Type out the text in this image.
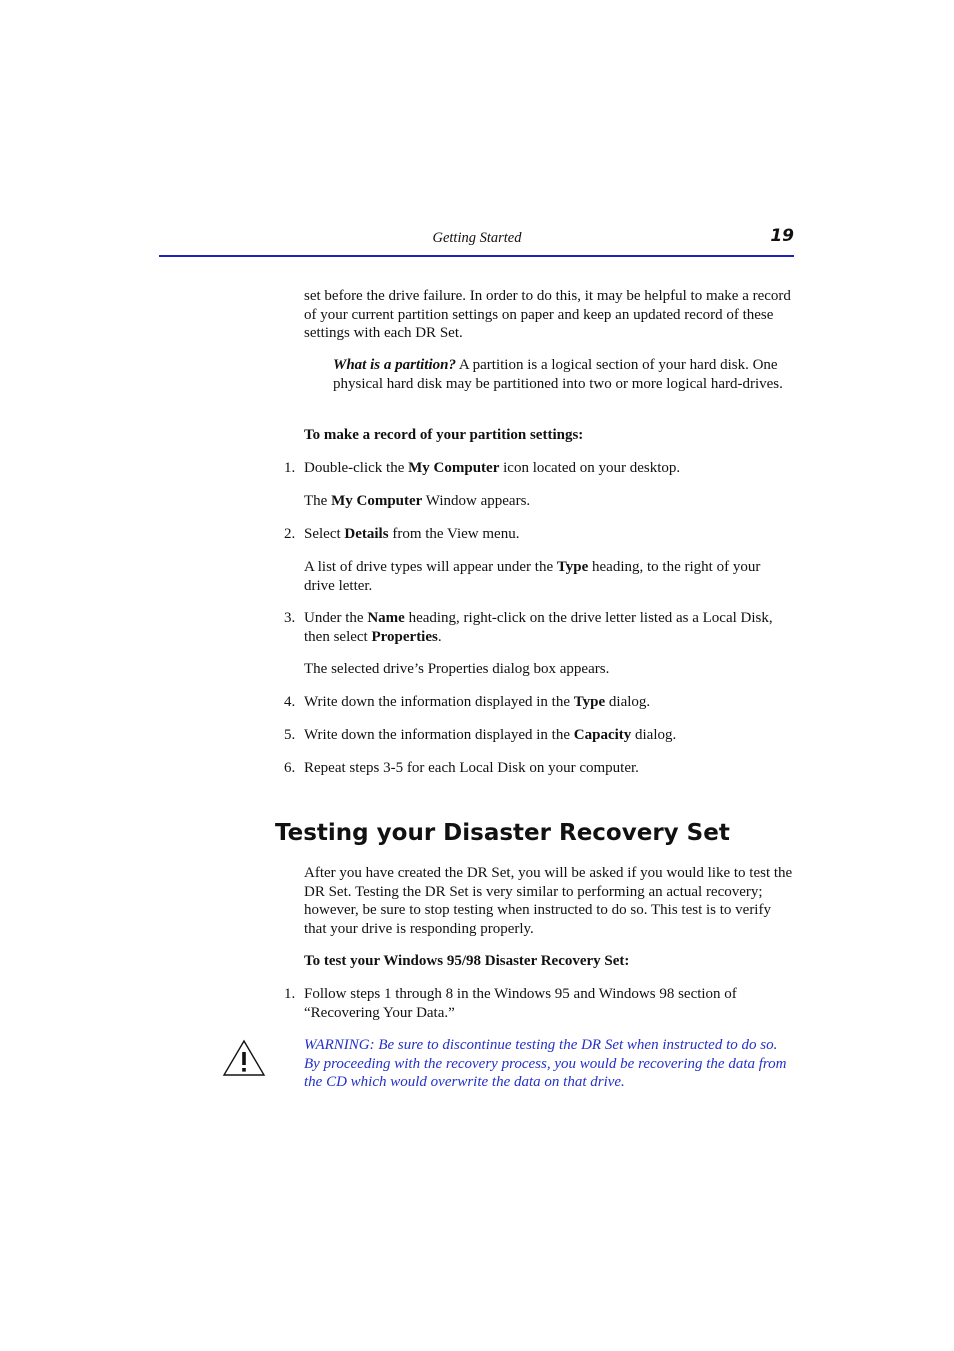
Getting Started	19

set before the drive failure. In order to do this, it may be helpful to make a record of your current partition settings on paper and keep an updated record of these settings with each DR Set.

What is a partition? A partition is a logical section of your hard disk. One physical hard disk may be partitioned into two or more logical hard-drives.

To make a record of your partition settings:

1. Double-click the My Computer icon located on your desktop.

The My Computer Window appears.

2. Select Details from the View menu.

A list of drive types will appear under the Type heading, to the right of your drive letter.

3. Under the Name heading, right-click on the drive letter listed as a Local Disk, then select Properties.

The selected drive’s Properties dialog box appears.

4. Write down the information displayed in the Type dialog.

5. Write down the information displayed in the Capacity dialog.

6. Repeat steps 3-5 for each Local Disk on your computer.

Testing your Disaster Recovery Set

After you have created the DR Set, you will be asked if you would like to test the DR Set. Testing the DR Set is very similar to performing an actual recovery; however, be sure to stop testing when instructed to do so. This test is to verify that your drive is responding properly.

To test your Windows 95/98 Disaster Recovery Set:

1. Follow steps 1 through 8 in the Windows 95 and Windows 98 section of “Recovering Your Data.”

WARNING: Be sure to discontinue testing the DR Set when instructed to do so. By proceeding with the recovery process, you would be recovering the data from the CD which would overwrite the data on that drive.
